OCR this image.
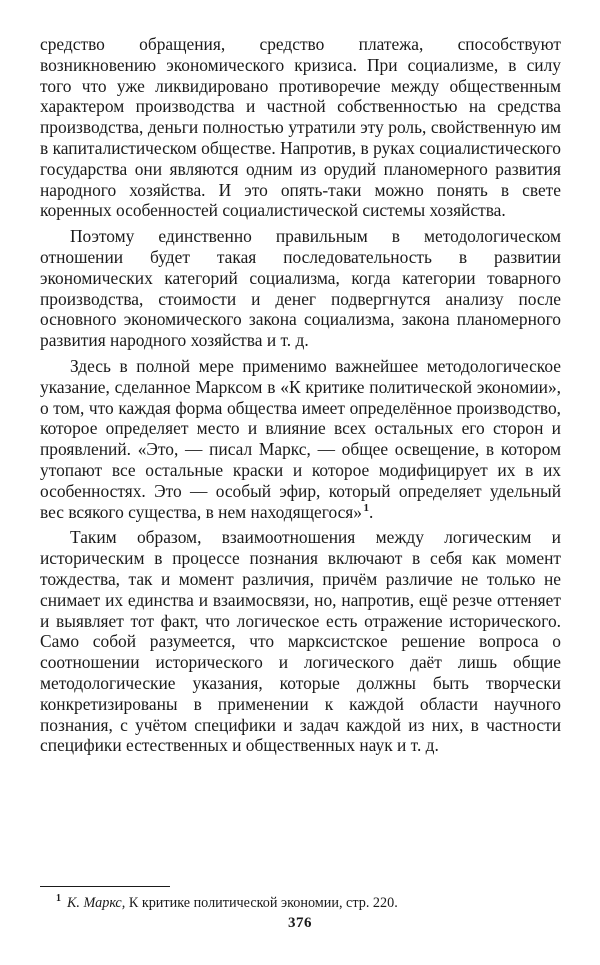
средство обращения, средство платежа, способствуют возникновению экономического кризиса. При социализме, в силу того что уже ликвидировано противоречие между общественным характером производства и частной собственностью на средства производства, деньги полностью утратили эту роль, свойственную им в капиталистическом обществе. Напротив, в руках социалистического государства они являются одним из орудий планомерного развития народного хозяйства. И это опять-таки можно понять в свете коренных особенностей социалистической системы хозяйства.

Поэтому единственно правильным в методологическом отношении будет такая последовательность в развитии экономических категорий социализма, когда категории товарного производства, стоимости и денег подвергнутся анализу после основного экономического закона социализма, закона планомерного развития народного хозяйства и т. д.

Здесь в полной мере применимо важнейшее методологическое указание, сделанное Марксом в «К критике политической экономии», о том, что каждая форма общества имеет определённое производство, которое определяет место и влияние всех остальных его сторон и проявлений. «Это, — писал Маркс, — общее освещение, в котором утопают все остальные краски и которое модифицирует их в их особенностях. Это — особый эфир, который определяет удельный вес всякого существа, в нем находящегося» $^1$.

Таким образом, взаимоотношения между логическим и историческим в процессе познания включают в себя как момент тождества, так и момент различия, причём различие не только не снимает их единства и взаимосвязи, но, напротив, ещё резче оттеняет и выявляет тот факт, что логическое есть отражение исторического. Само собой разумеется, что марксистское решение вопроса о соотношении исторического и логического даёт лишь общие методологические указания, которые должны быть творчески конкретизированы в применении к каждой области научного познания, с учётом специфики и задач каждой из них, в частности специфики естественных и общественных наук и т. д.

$^1$ К. Маркс, К критике политической экономии, стр. 220.

376
